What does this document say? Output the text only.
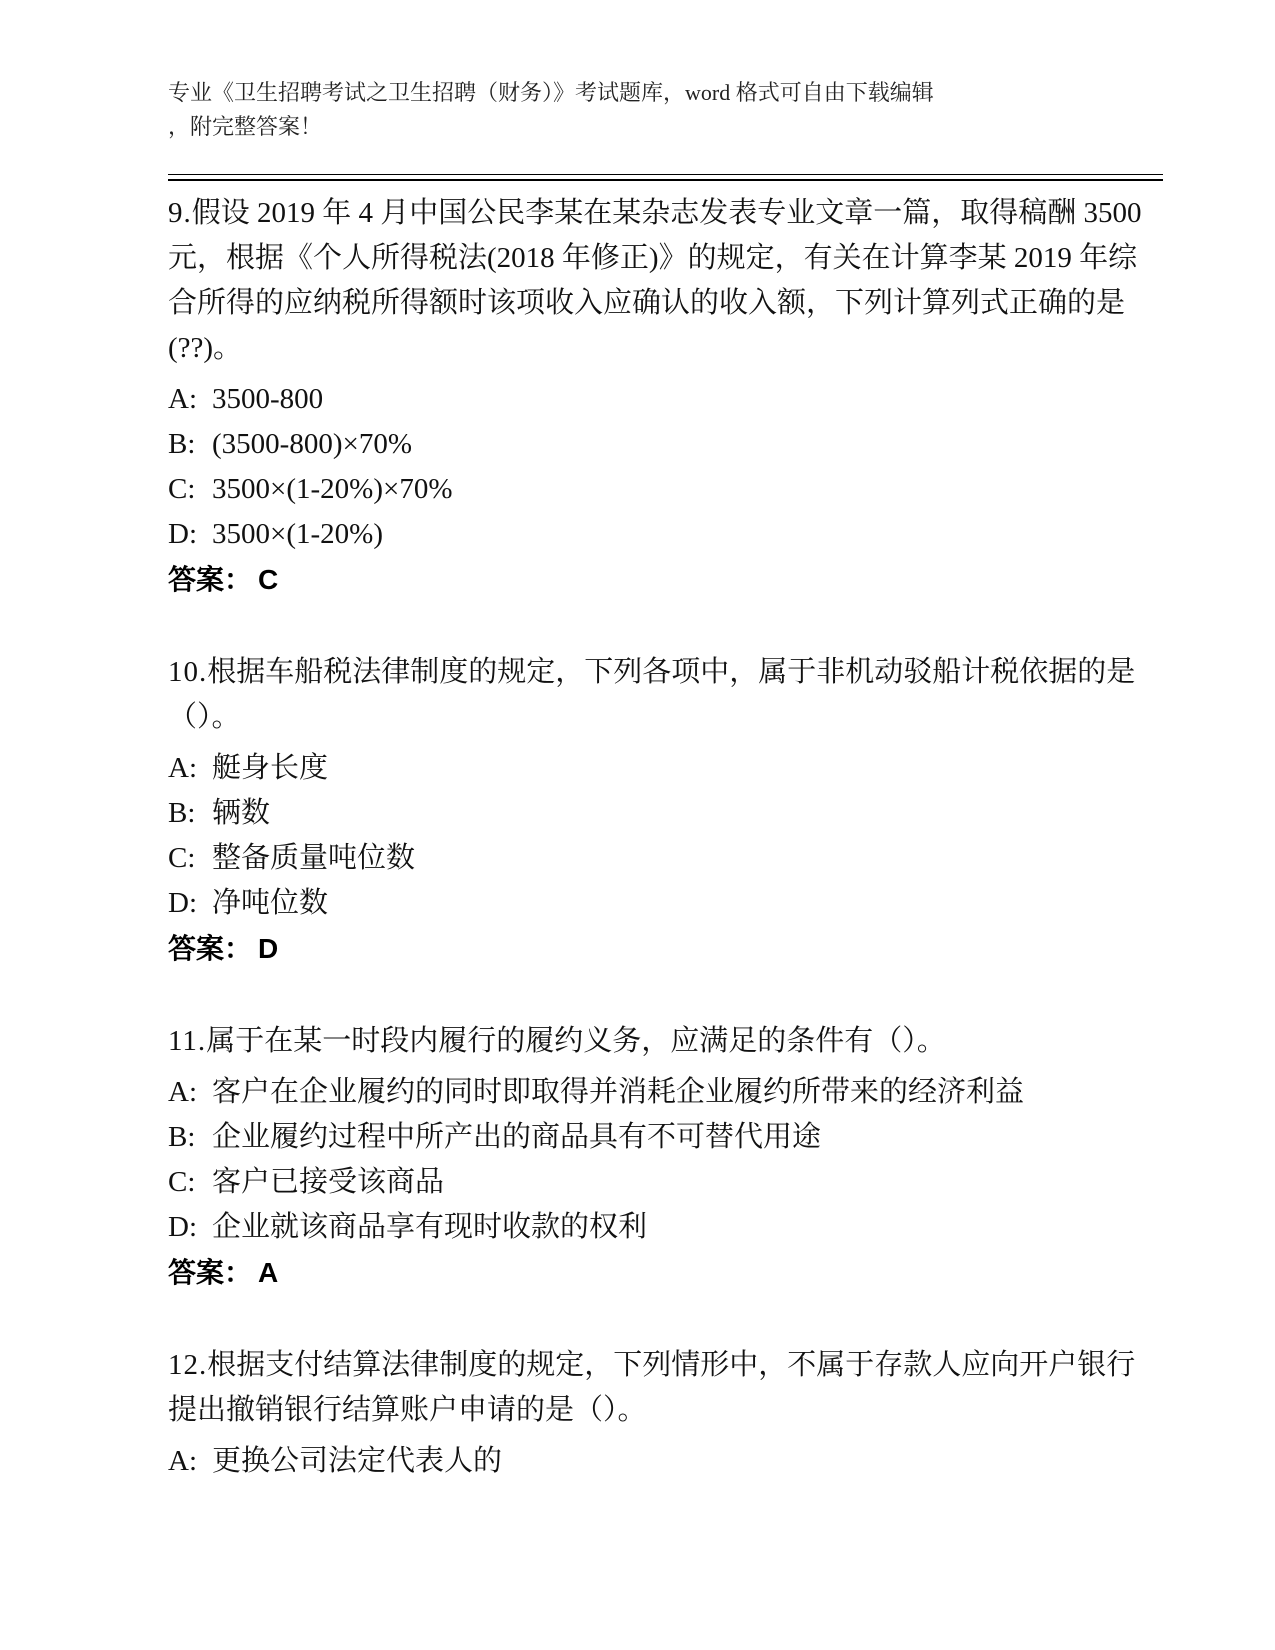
专业《卫生招聘考试之卫生招聘（财务）》考试题库，word 格式可自由下载编辑
，附完整答案！

9.假设 2019 年 4 月中国公民李某在某杂志发表专业文章一篇，取得稿酬 3500 元，根据《个人所得税法(2018 年修正)》的规定，有关在计算李某 2019 年综合所得的应纳税所得额时该项收入应确认的收入额，下列计算列式正确的是(??)。

A: 3500-800
B: (3500-800)×70%
C: 3500×(1-20%)×70%
D: 3500×(1-20%)
答案： C

10.根据车船税法律制度的规定，下列各项中，属于非机动驳船计税依据的是（）。

A: 艇身长度
B: 辆数
C: 整备质量吨位数
D: 净吨位数
答案： D

11.属于在某一时段内履行的履约义务，应满足的条件有（）。

A: 客户在企业履约的同时即取得并消耗企业履约所带来的经济利益
B: 企业履约过程中所产出的商品具有不可替代用途
C: 客户已接受该商品
D: 企业就该商品享有现时收款的权利
答案： A

12.根据支付结算法律制度的规定，下列情形中，不属于存款人应向开户银行提出撤销银行结算账户申请的是（）。

A: 更换公司法定代表人的
